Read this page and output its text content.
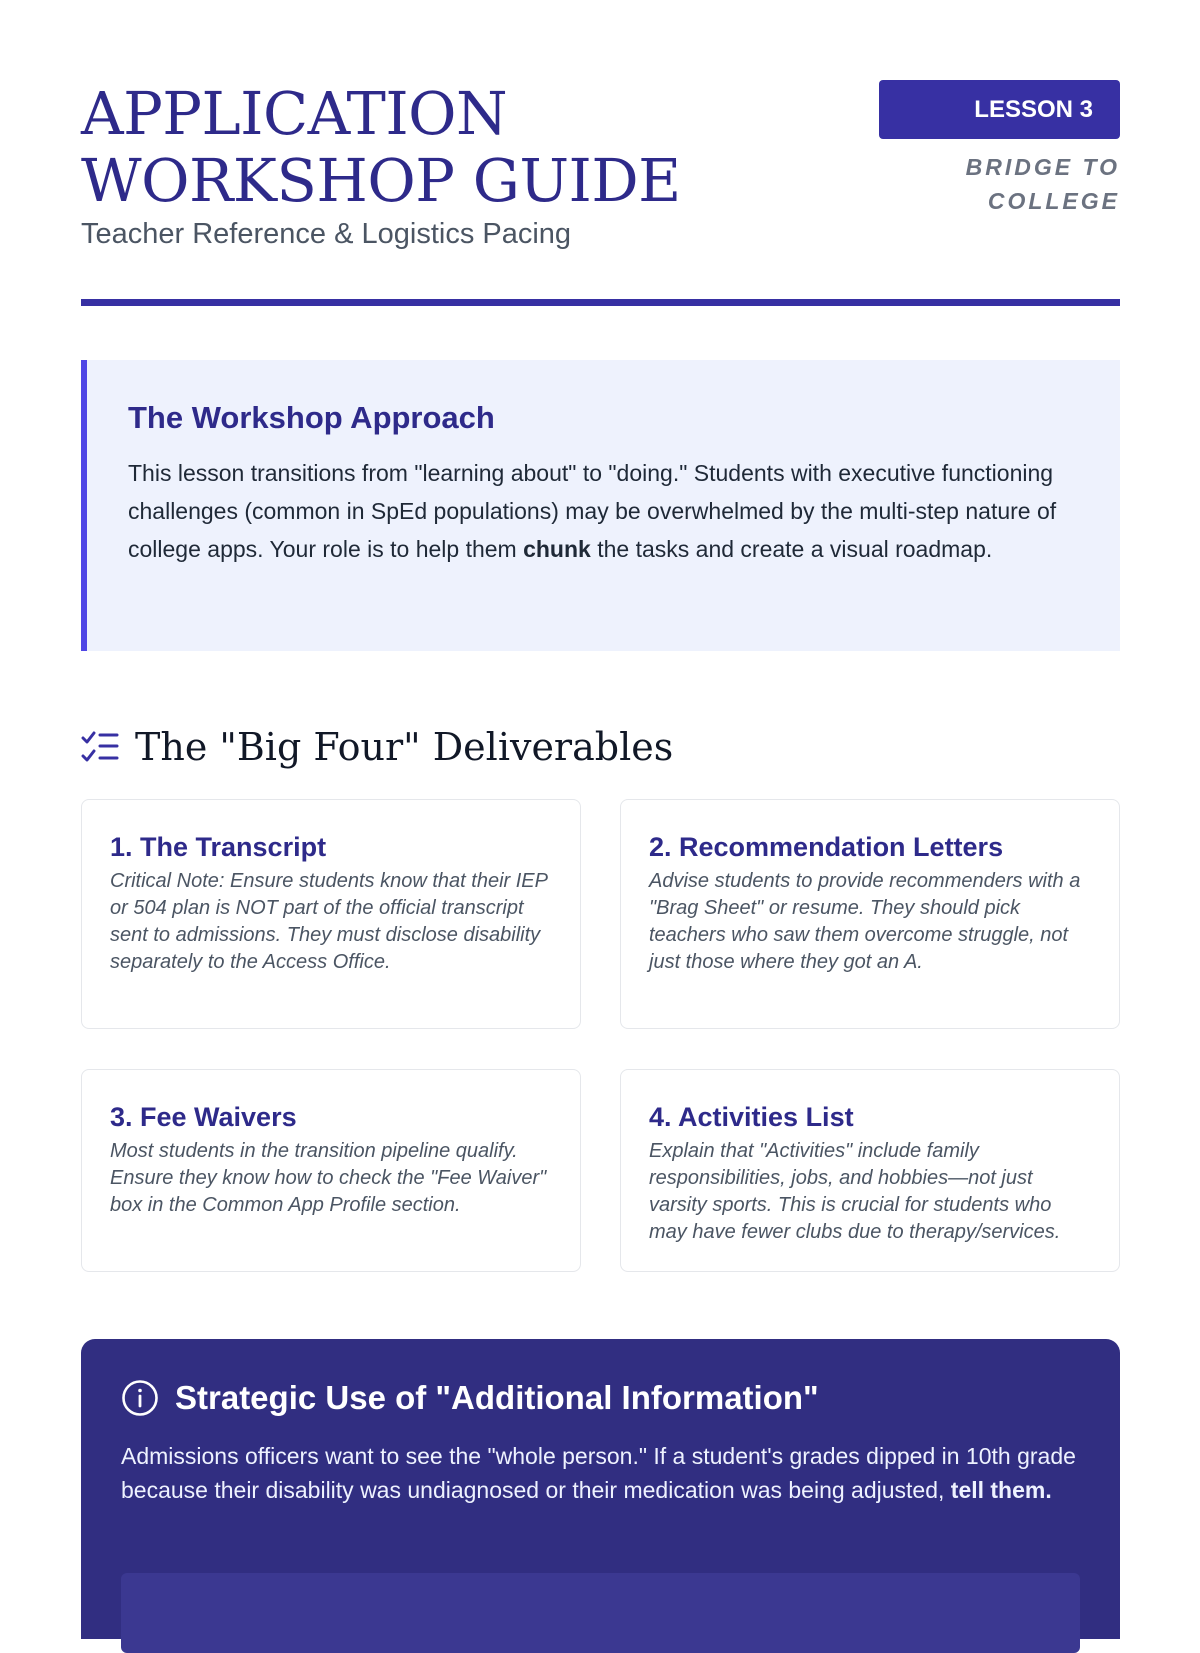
APPLICATION WORKSHOP GUIDE

Teacher Reference & Logistics Pacing

LESSON 3
BRIDGE TO COLLEGE
The Workshop Approach

This lesson transitions from "learning about" to "doing." Students with executive functioning challenges (common in SpEd populations) may be overwhelmed by the multi-step nature of college apps. Your role is to help them chunk the tasks and create a visual roadmap.

The "Big Four" Deliverables
1. The Transcript

Critical Note: Ensure students know that their IEP or 504 plan is NOT part of the official transcript sent to admissions. They must disclose disability separately to the Access Office.

2. Recommendation Letters

Advise students to provide recommenders with a "Brag Sheet" or resume. They should pick teachers who saw them overcome struggle, not just those where they got an A.

3. Fee Waivers

Most students in the transition pipeline qualify. Ensure they know how to check the "Fee Waiver" box in the Common App Profile section.

4. Activities List

Explain that "Activities" include family responsibilities, jobs, and hobbies—not just varsity sports. This is crucial for students who may have fewer clubs due to therapy/services.

Strategic Use of "Additional Information"

Admissions officers want to see the "whole person." If a student's grades dipped in 10th grade because their disability was undiagnosed or their medication was being adjusted, tell them.
